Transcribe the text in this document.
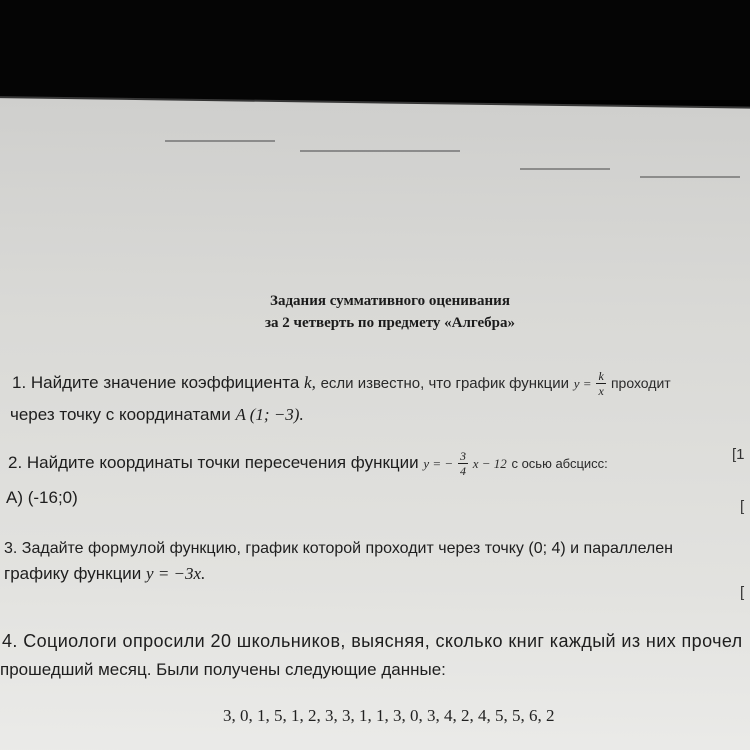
Задания суммативного оценивания
за 2 четверть по предмету «Алгебра»
1. Найдите значение коэффициента k, если известно, что график функции $y = \frac{k}{x}$ проходит
через точку с координатами A (1; −3).
2. Найдите координаты точки пересечения функции y = − $\frac{3}{4}$ x − 12 с осью абсцисс:
А) (-16;0)
3. Задайте формулой функцию, график которой проходит через точку (0; 4) и параллелен
графику функции y = −3x.
4. Социологи опросили 20 школьников, выясняя, сколько книг каждый из них прочел
прошедший месяц. Были получены следующие данные:
3, 0, 1, 5, 1, 2, 3, 3, 1, 1, 3, 0, 3, 4, 2, 4, 5, 5, 6, 2
[1
[
[
